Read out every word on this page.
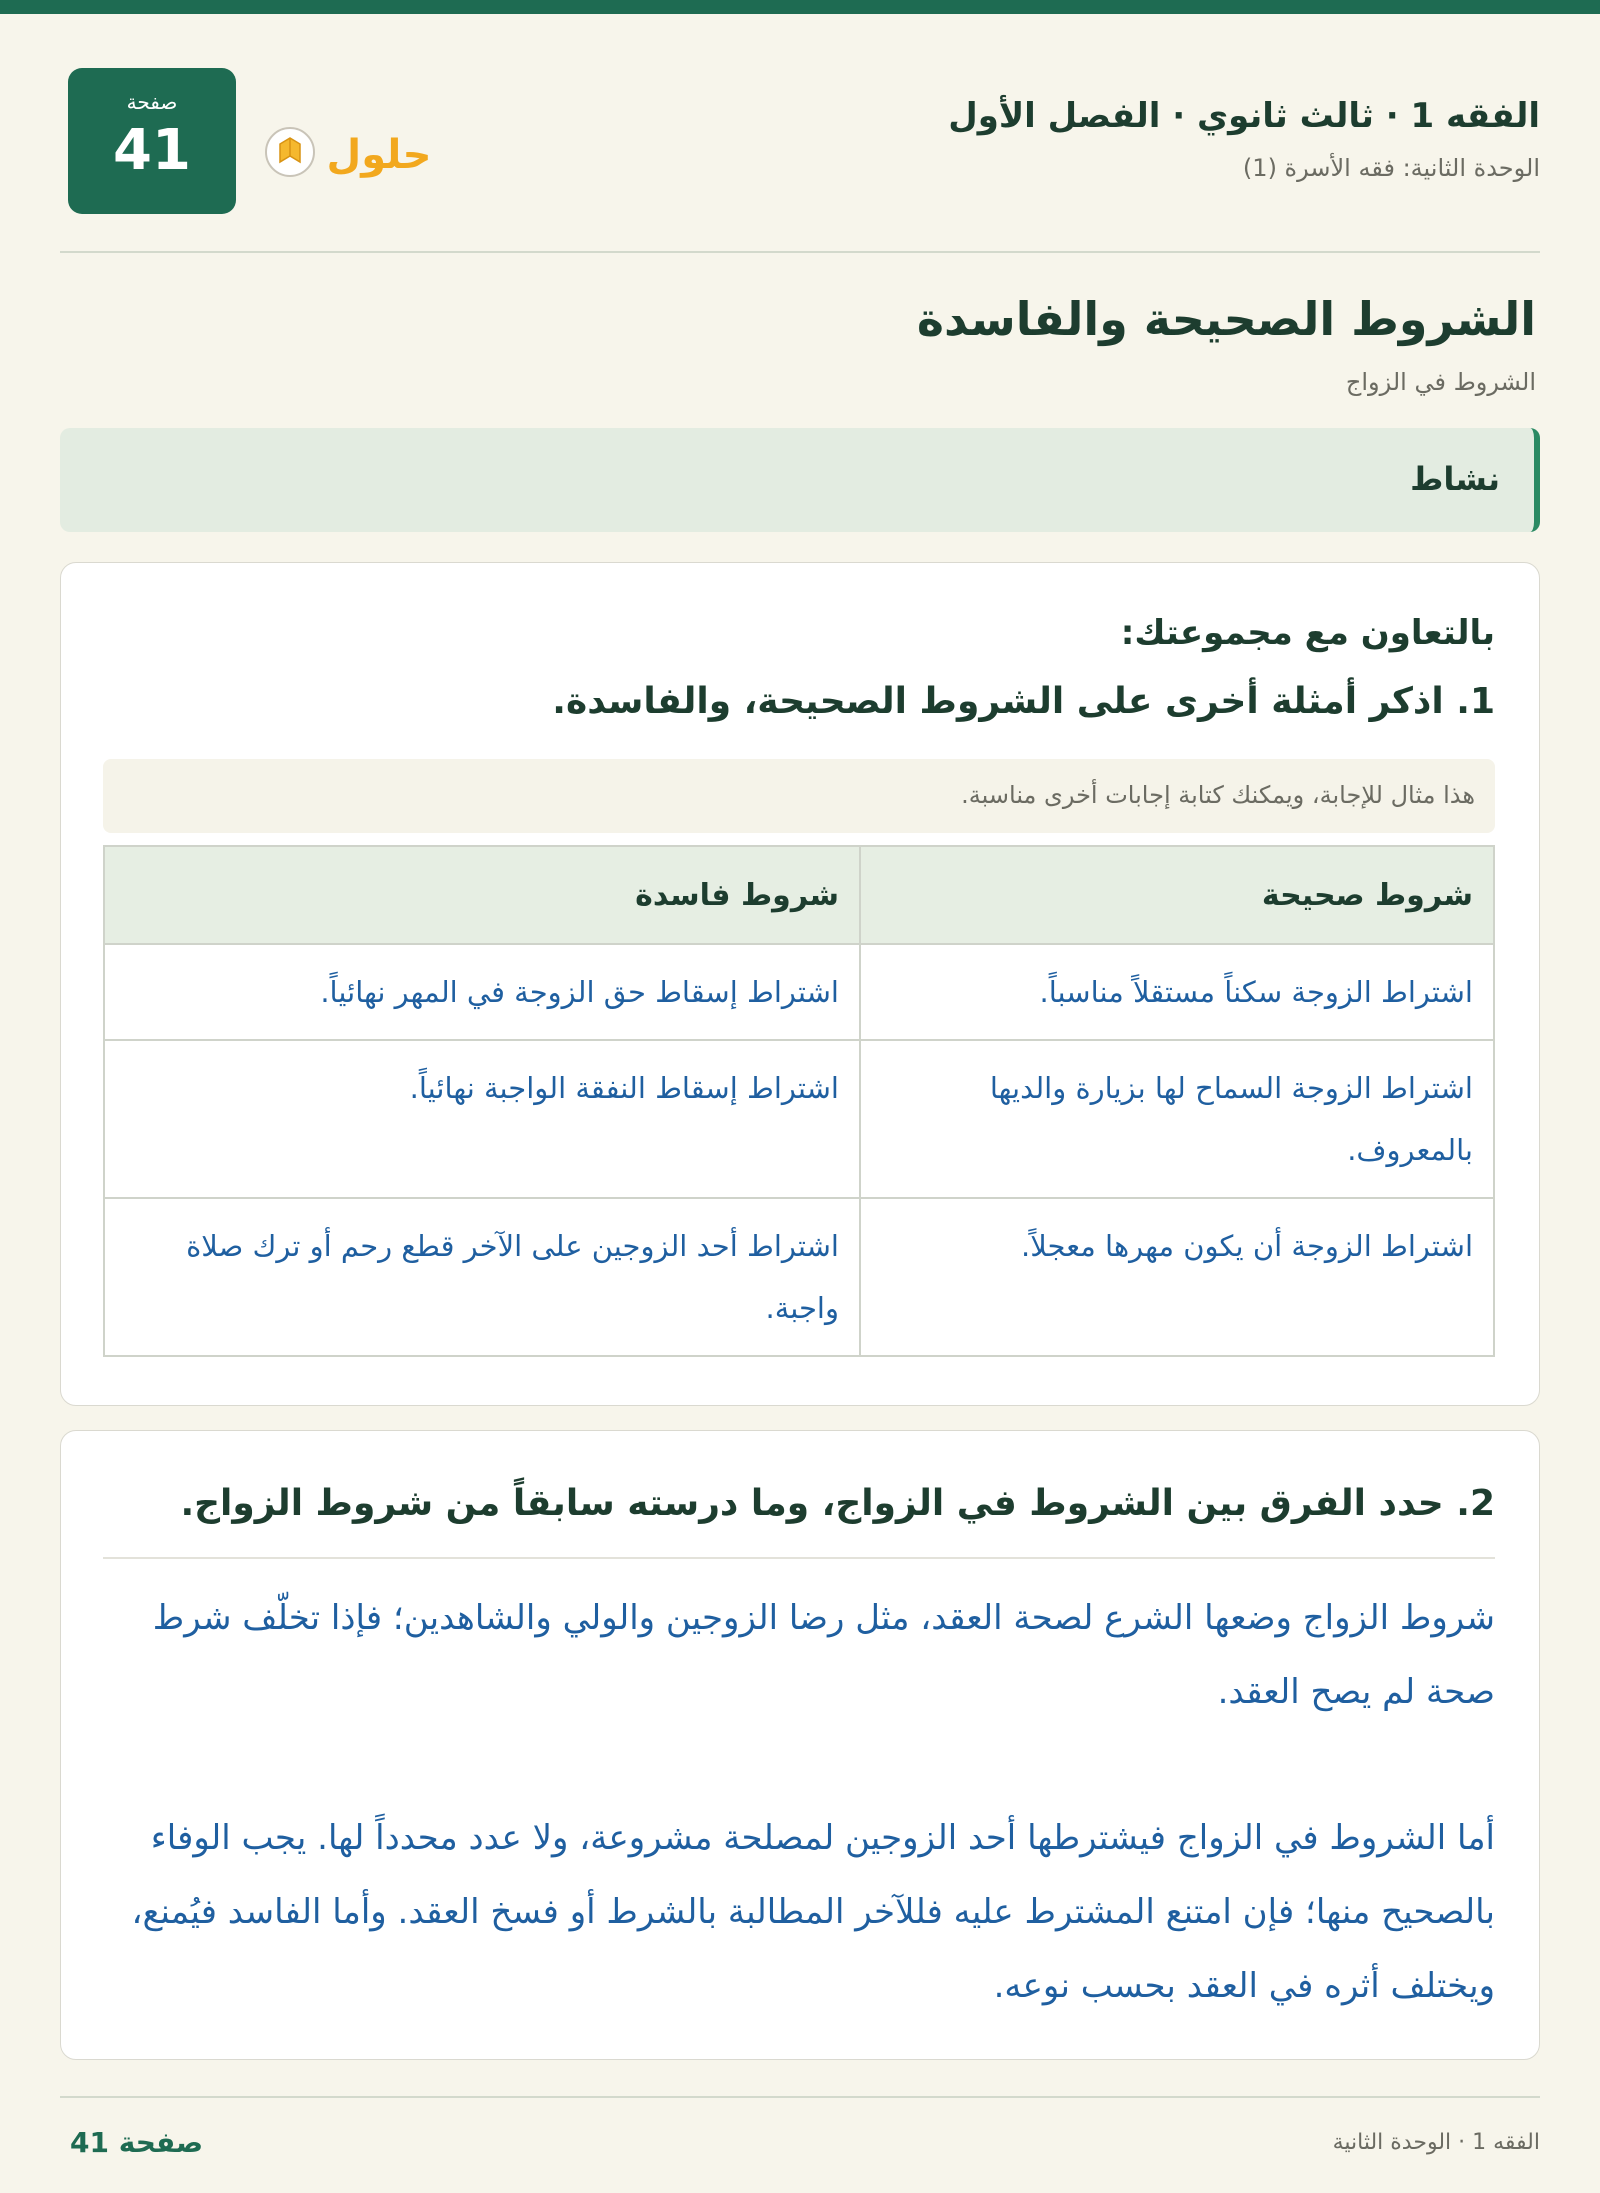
الفقه 1 · ثالث ثانوي · الفصل الأول
الوحدة الثانية: فقه الأسرة (1)
حلول
صفحة
41
الشروط الصحيحة والفاسدة
الشروط في الزواج
نشاط
بالتعاون مع مجموعتك:
1. اذكر أمثلة أخرى على الشروط الصحيحة، والفاسدة.
هذا مثال للإجابة، ويمكنك كتابة إجابات أخرى مناسبة.
شروط صحيحة	شروط فاسدة
اشتراط الزوجة سكناً مستقلاً مناسباً.	اشتراط إسقاط حق الزوجة في المهر نهائياً.
اشتراط الزوجة السماح لها بزيارة والديها بالمعروف.	اشتراط إسقاط النفقة الواجبة نهائياً.
اشتراط الزوجة أن يكون مهرها معجلاً.	اشتراط أحد الزوجين على الآخر قطع رحم أو ترك صلاة واجبة.
2. حدد الفرق بين الشروط في الزواج، وما درسته سابقاً من شروط الزواج.
شروط الزواج وضعها الشرع لصحة العقد، مثل رضا الزوجين والولي والشاهدين؛ فإذا تخلّف شرط صحة لم يصح العقد.
أما الشروط في الزواج فيشترطها أحد الزوجين لمصلحة مشروعة، ولا عدد محدداً لها. يجب الوفاء بالصحيح منها؛ فإن امتنع المشترط عليه فللآخر المطالبة بالشرط أو فسخ العقد. وأما الفاسد فيُمنع، ويختلف أثره في العقد بحسب نوعه.
الفقه 1 · الوحدة الثانية
صفحة 41
